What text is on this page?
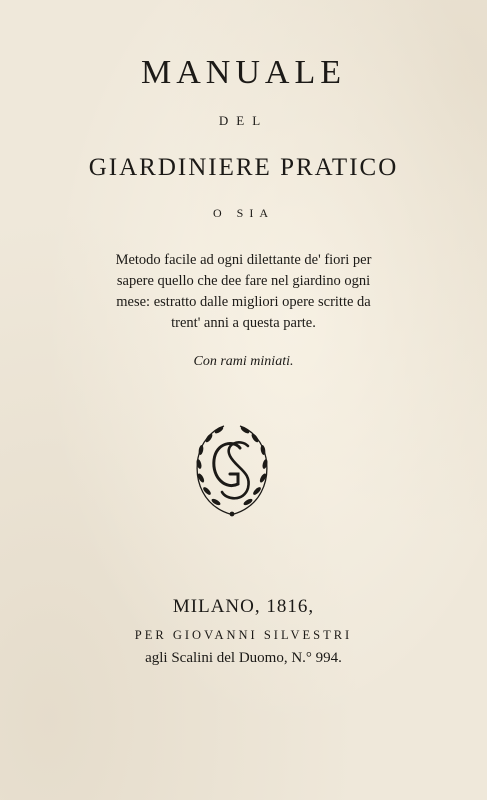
MANUALE
DEL
GIARDINIERE PRATICO
O SIA
Metodo facile ad ogni dilettante de' fiori per
sapere quello che dee fare nel giardino ogni
mese: estratto dalle migliori opere scritte da
trent' anni a questa parte.
Con rami miniati.
MILANO, 1816,
PER GIOVANNI SILVESTRI
agli Scalini del Duomo, N.° 994.
